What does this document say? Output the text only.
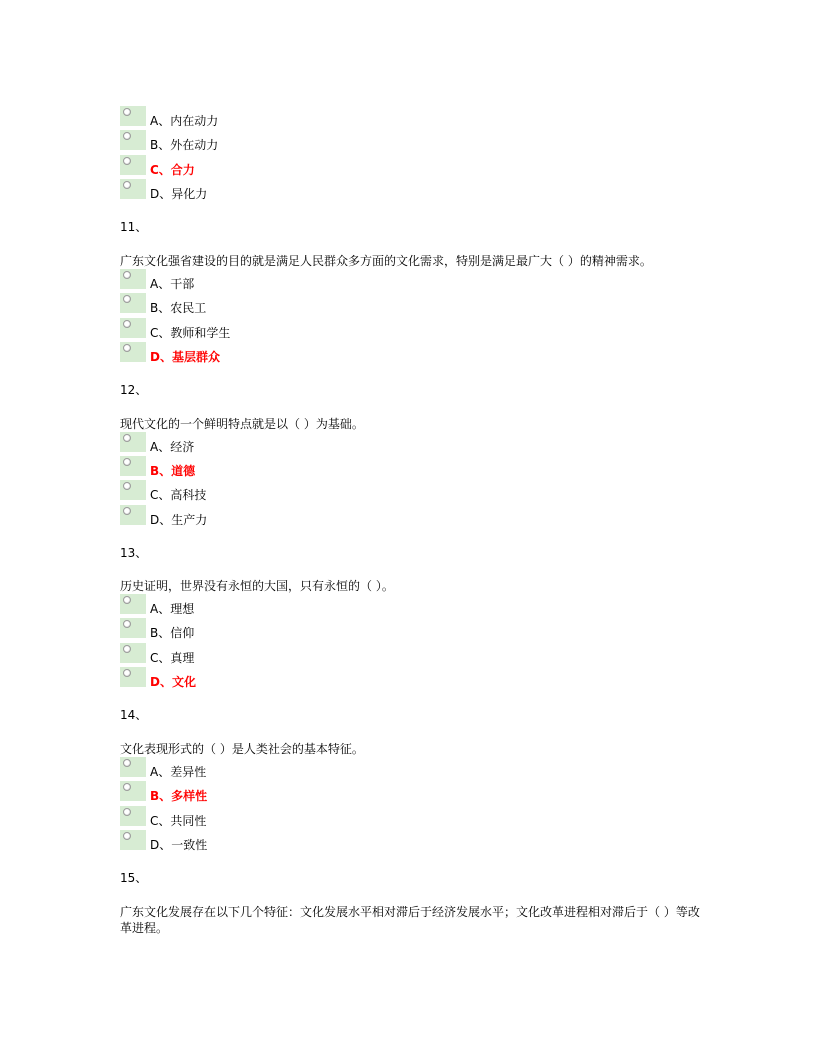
A、内在动力
B、外在动力
C、合力
D、异化力
11、
广东文化强省建设的目的就是满足人民群众多方面的文化需求，特别是满足最广大（ ）的精神需求。
A、干部
B、农民工
C、教师和学生
D、基层群众
12、
现代文化的一个鲜明特点就是以（ ）为基础。
A、经济
B、道德
C、高科技
D、生产力
13、
历史证明，世界没有永恒的大国，只有永恒的（ ）。
A、理想
B、信仰
C、真理
D、文化
14、
文化表现形式的（ ）是人类社会的基本特征。
A、差异性
B、多样性
C、共同性
D、一致性
15、
广东文化发展存在以下几个特征：文化发展水平相对滞后于经济发展水平；文化改革进程相对滞后于（ ）等改革进程。
